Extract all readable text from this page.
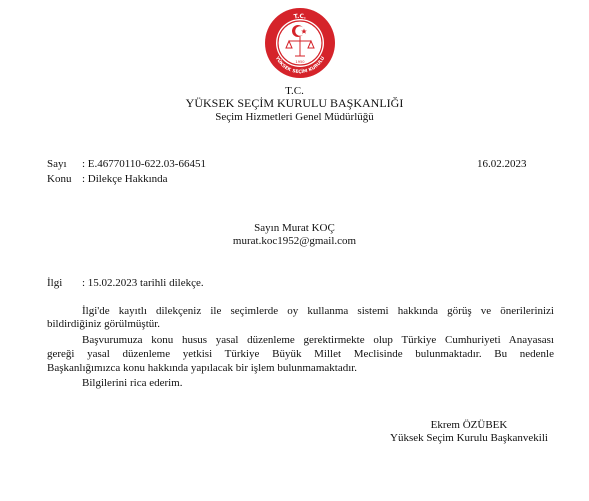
T.C.
YÜKSEK SEÇİM KURULU
1950
T.C.
YÜKSEK SEÇİM KURULU BAŞKANLIĞI
Seçim Hizmetleri Genel Müdürlüğü
Sayı : E.46770110-622.03-66451	16.02.2023
Konu : Dilekçe Hakkında
Sayın Murat KOÇ
murat.koc1952@gmail.com
İlgi : 15.02.2023 tarihli dilekçe.
İlgi'de kayıtlı dilekçeniz ile seçimlerde oy kullanma sistemi hakkında görüş ve önerilerinizi
bildirdiğiniz görülmüştür.
Başvurumuza konu husus yasal düzenleme gerektirmekte olup Türkiye Cumhuriyeti Anayasası
gereği yasal düzenleme yetkisi Türkiye Büyük Millet Meclisinde bulunmaktadır. Bu nedenle
Başkanlığımızca konu hakkında yapılacak bir işlem bulunmamaktadır.
Bilgilerini rica ederim.
Ekrem ÖZÜBEK
Yüksek Seçim Kurulu Başkanvekili
